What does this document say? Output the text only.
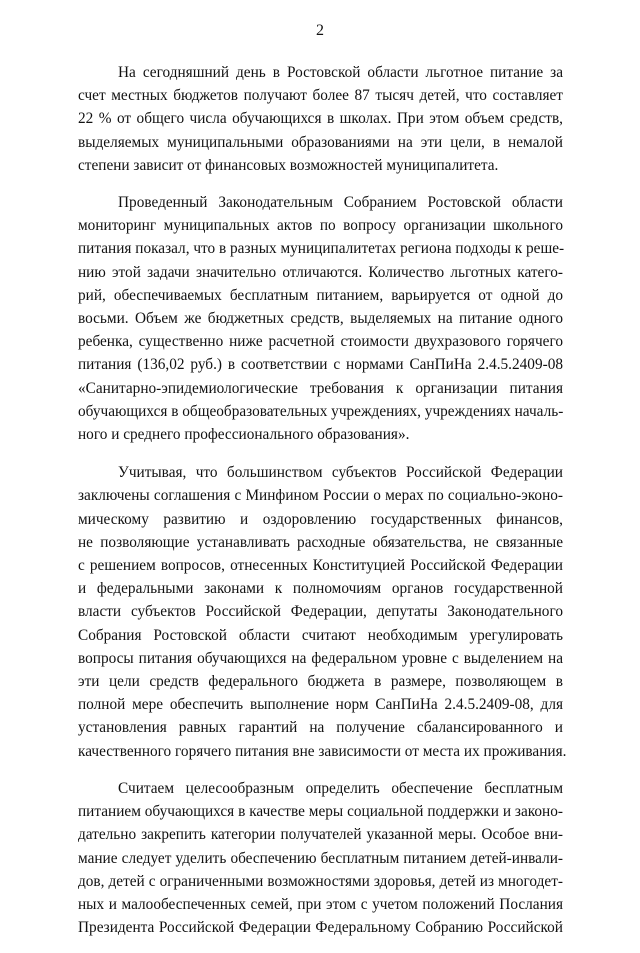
2

На сегодняшний день в Ростовской области льготное питание за
счет местных бюджетов получают более 87 тысяч детей, что составляет
22 % от общего числа обучающихся в школах. При этом объем средств,
выделяемых муниципальными образованиями на эти цели, в немалой
степени зависит от финансовых возможностей муниципалитета.

Проведенный Законодательным Собранием Ростовской области
мониторинг муниципальных актов по вопросу организации школьного
питания показал, что в разных муниципалитетах региона подходы к реше-
нию этой задачи значительно отличаются. Количество льготных катего-
рий, обеспечиваемых бесплатным питанием, варьируется от одной до
восьми. Объем же бюджетных средств, выделяемых на питание одного
ребенка, существенно ниже расчетной стоимости двухразового горячего
питания (136,02 руб.) в соответствии с нормами СанПиНа 2.4.5.2409-08
«Санитарно-эпидемиологические требования к организации питания
обучающихся в общеобразовательных учреждениях, учреждениях началь-
ного и среднего профессионального образования».

Учитывая, что большинством субъектов Российской Федерации
заключены соглашения с Минфином России о мерах по социально-эконо-
мическому развитию и оздоровлению государственных финансов,
не позволяющие устанавливать расходные обязательства, не связанные
с решением вопросов, отнесенных Конституцией Российской Федерации
и федеральными законами к полномочиям органов государственной
власти субъектов Российской Федерации, депутаты Законодательного
Собрания Ростовской области считают необходимым урегулировать
вопросы питания обучающихся на федеральном уровне с выделением на
эти цели средств федерального бюджета в размере, позволяющем в
полной мере обеспечить выполнение норм СанПиНа 2.4.5.2409-08, для
установления равных гарантий на получение сбалансированного и
качественного горячего питания вне зависимости от места их проживания.

Считаем целесообразным определить обеспечение бесплатным
питанием обучающихся в качестве меры социальной поддержки и законо-
дательно закрепить категории получателей указанной меры. Особое вни-
мание следует уделить обеспечению бесплатным питанием детей-инвали-
дов, детей с ограниченными возможностями здоровья, детей из многодет-
ных и малообеспеченных семей, при этом с учетом положений Послания
Президента Российской Федерации Федеральному Собранию Российской
